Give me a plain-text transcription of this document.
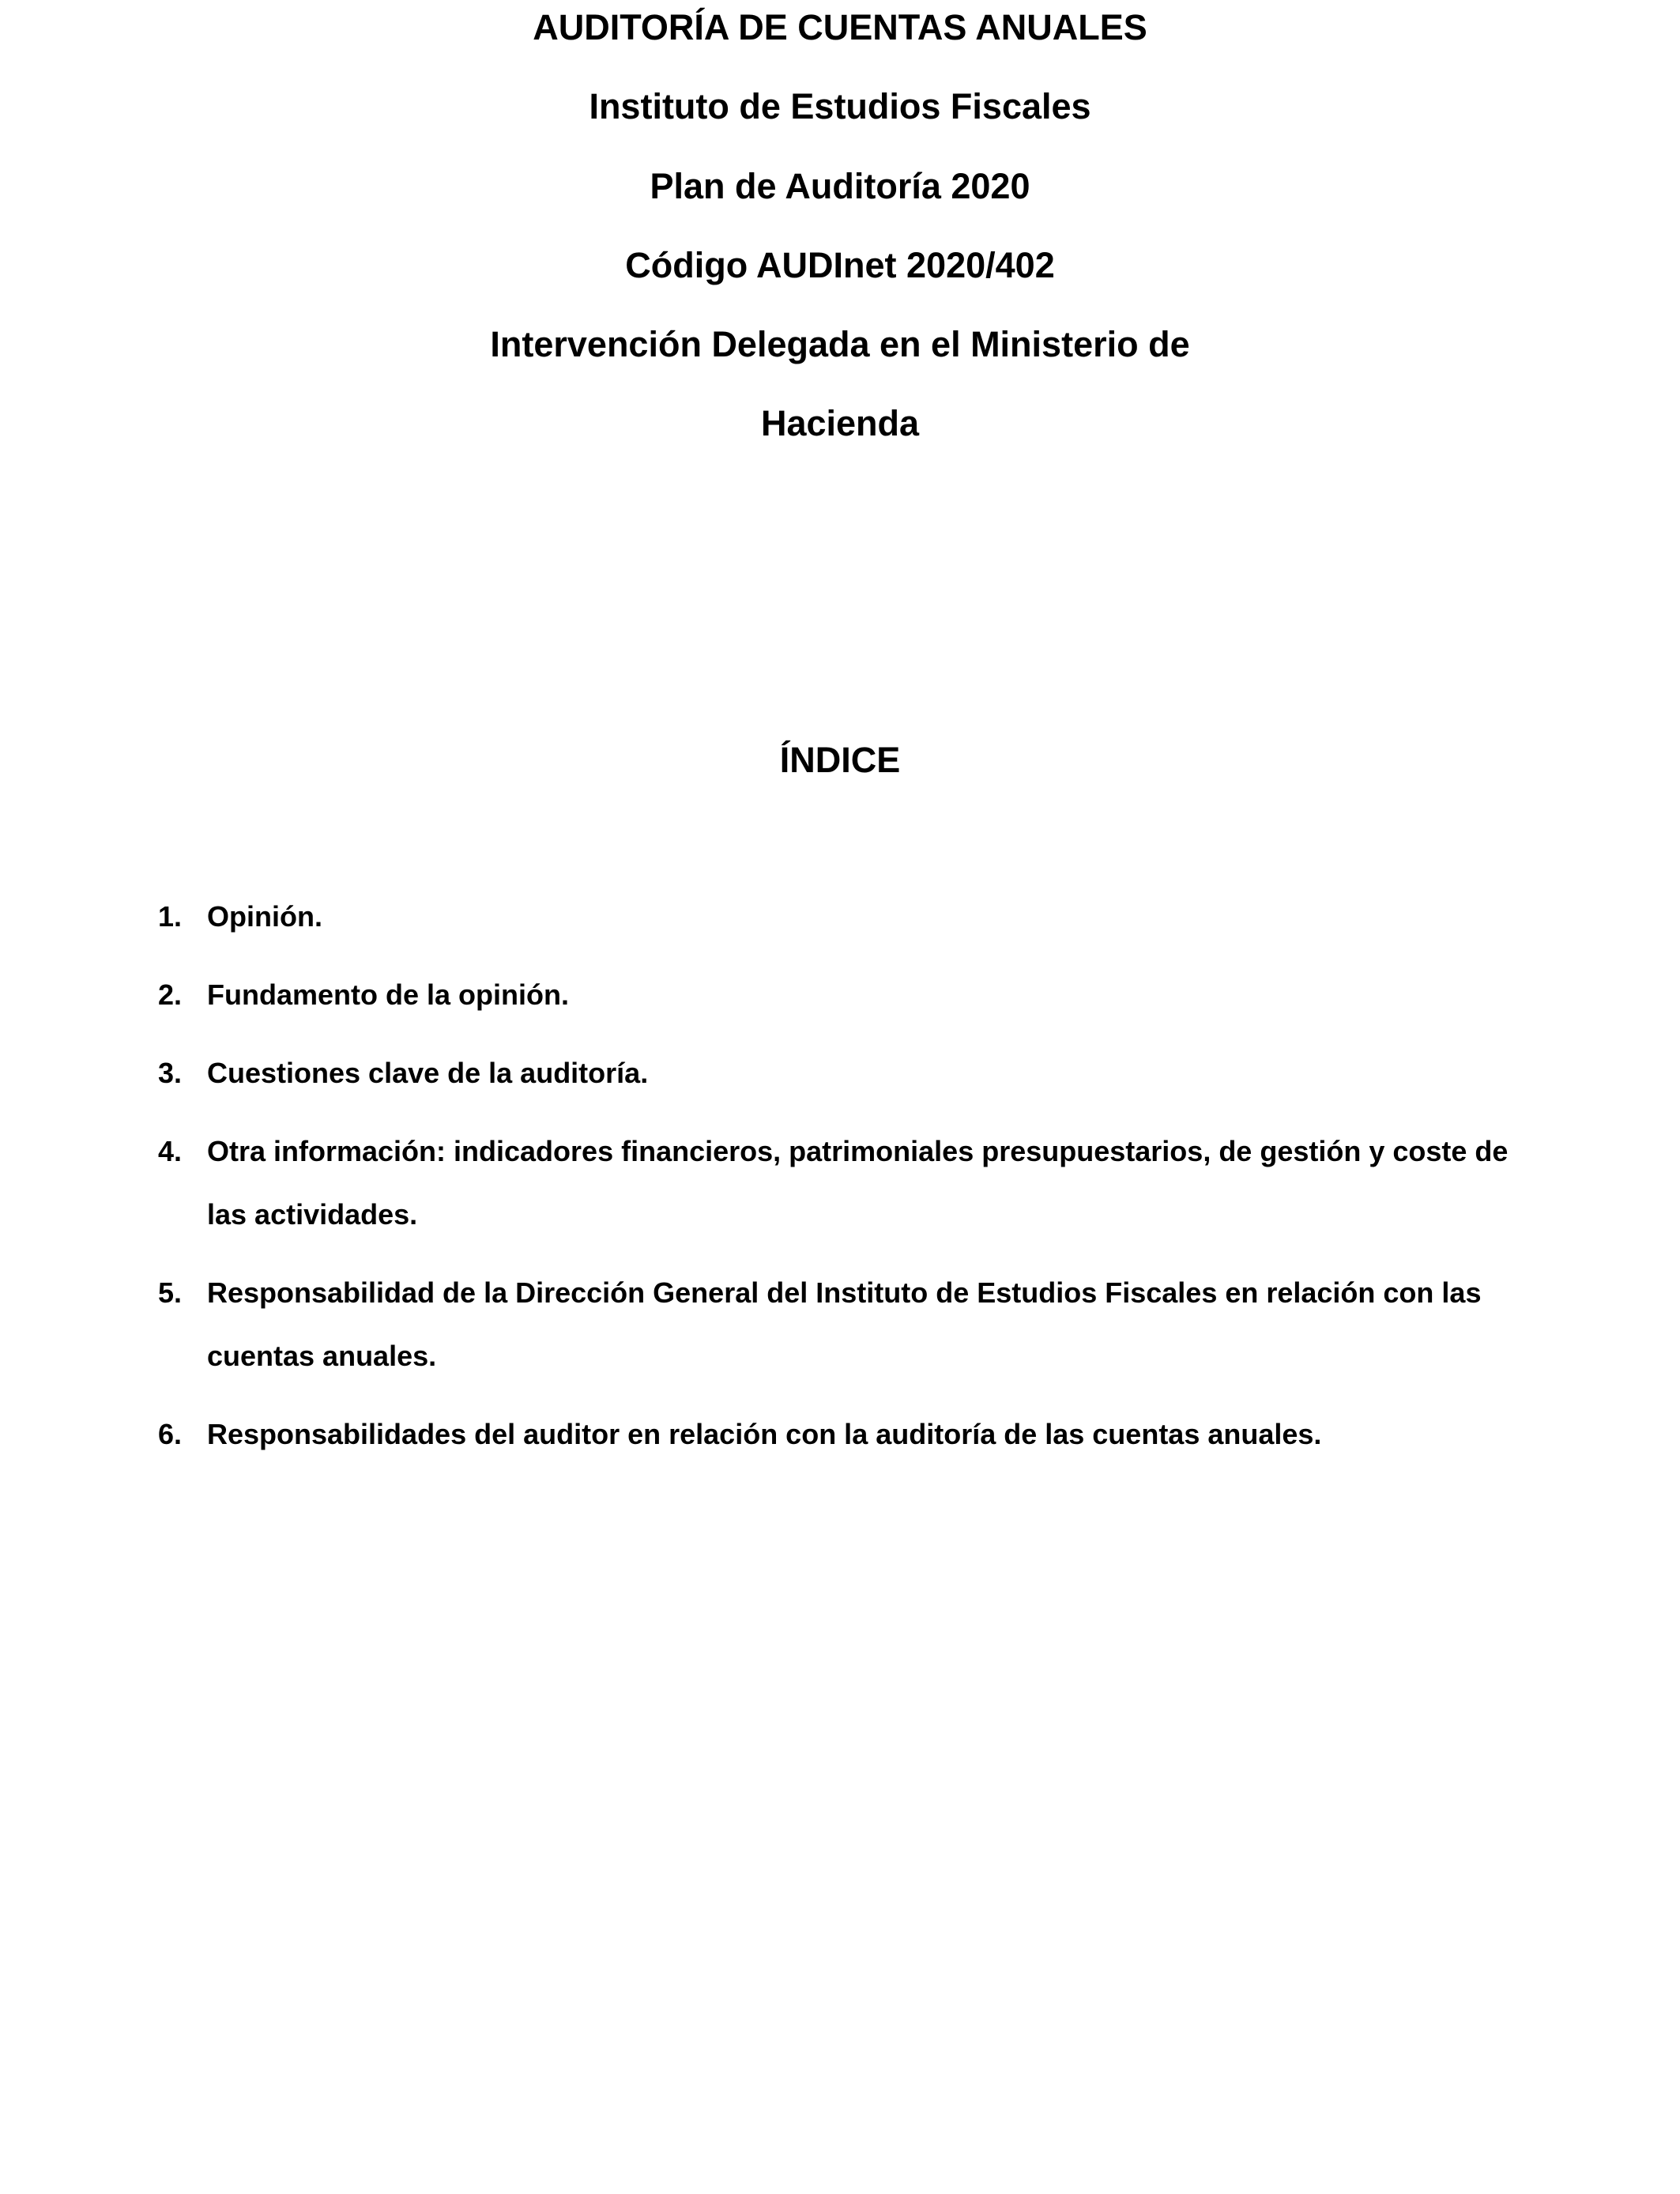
AUDITORÍA DE CUENTAS ANUALES
Instituto de Estudios Fiscales
Plan de Auditoría 2020
Código AUDInet 2020/402
Intervención Delegada en el Ministerio de
Hacienda
ÍNDICE
1. Opinión.
2. Fundamento de la opinión.
3. Cuestiones clave de la auditoría.
4. Otra información: indicadores financieros, patrimoniales presupuestarios, de gestión y coste de las actividades.
5. Responsabilidad de la Dirección General del Instituto de Estudios Fiscales en relación con las cuentas anuales.
6. Responsabilidades del auditor en relación con la auditoría de las cuentas anuales.
